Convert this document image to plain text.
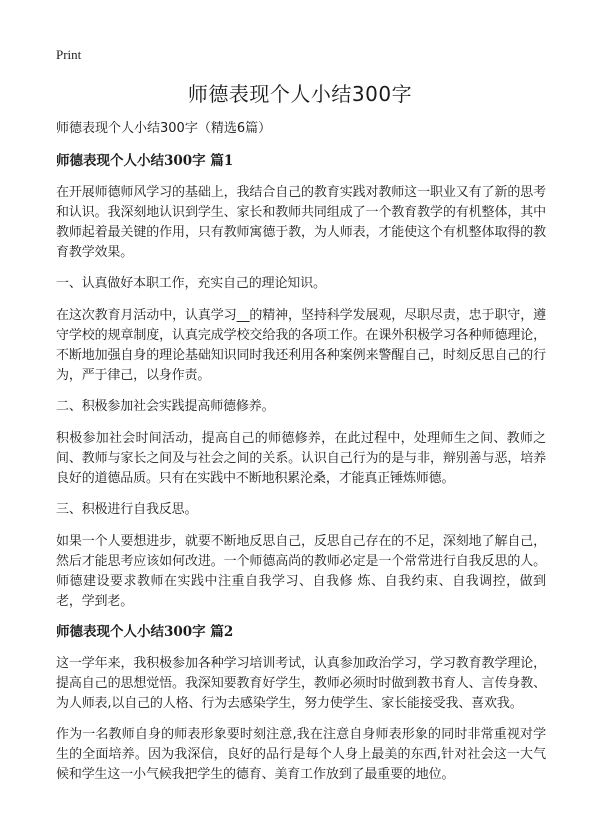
Print
师德表现个人小结300字

师德表现个人小结300字（精选6篇）

师德表现个人小结300字 篇1

在开展师德师风学习的基础上，我结合自己的教育实践对教师这一职业又有了新的思考和认识。我深刻地认识到学生、家长和教师共同组成了一个教育教学的有机整体，其中教师起着最关键的作用，只有教师寓德于教，为人师表，才能使这个有机整体取得的教育教学效果。

一、认真做好本职工作，充实自己的理论知识。

在这次教育月活动中，认真学习__的精神，坚持科学发展观，尽职尽责，忠于职守，遵守学校的规章制度，认真完成学校交给我的各项工作。在课外积极学习各种师德理论，不断地加强自身的理论基础知识同时我还利用各种案例来警醒自己，时刻反思自己的行为，严于律己，以身作责。

二、积极参加社会实践提高师德修养。

积极参加社会时间活动，提高自己的师德修养，在此过程中，处理师生之间、教师之间、教师与家长之间及与社会之间的关系。认识自己行为的是与非，辩别善与恶，培养良好的道德品质。只有在实践中不断地积累沦桑，才能真正锤炼师德。

三、积极进行自我反思。

如果一个人要想进步，就要不断地反思自己，反思自己存在的不足，深刻地了解自己，然后才能思考应该如何改进。一个师德高尚的教师必定是一个常常进行自我反思的人。师德建设要求教师在实践中注重自我学习、自我修 炼、自我约束、自我调控，做到老，学到老。

师德表现个人小结300字 篇2

这一学年来，我积极参加各种学习培训考试，认真参加政治学习，学习教育教学理论，提高自己的思想觉悟。我深知要教育好学生，教师必须时时做到教书育人、言传身教、为人师表,以自己的人格、行为去感染学生，努力使学生、家长能接受我、喜欢我。

作为一名教师自身的师表形象要时刻注意,我在注意自身师表形象的同时非常重视对学生的全面培养。因为我深信，良好的品行是每个人身上最美的东西,针对社会这一大气候和学生这一小气候我把学生的德育、美育工作放到了最重要的地位。
